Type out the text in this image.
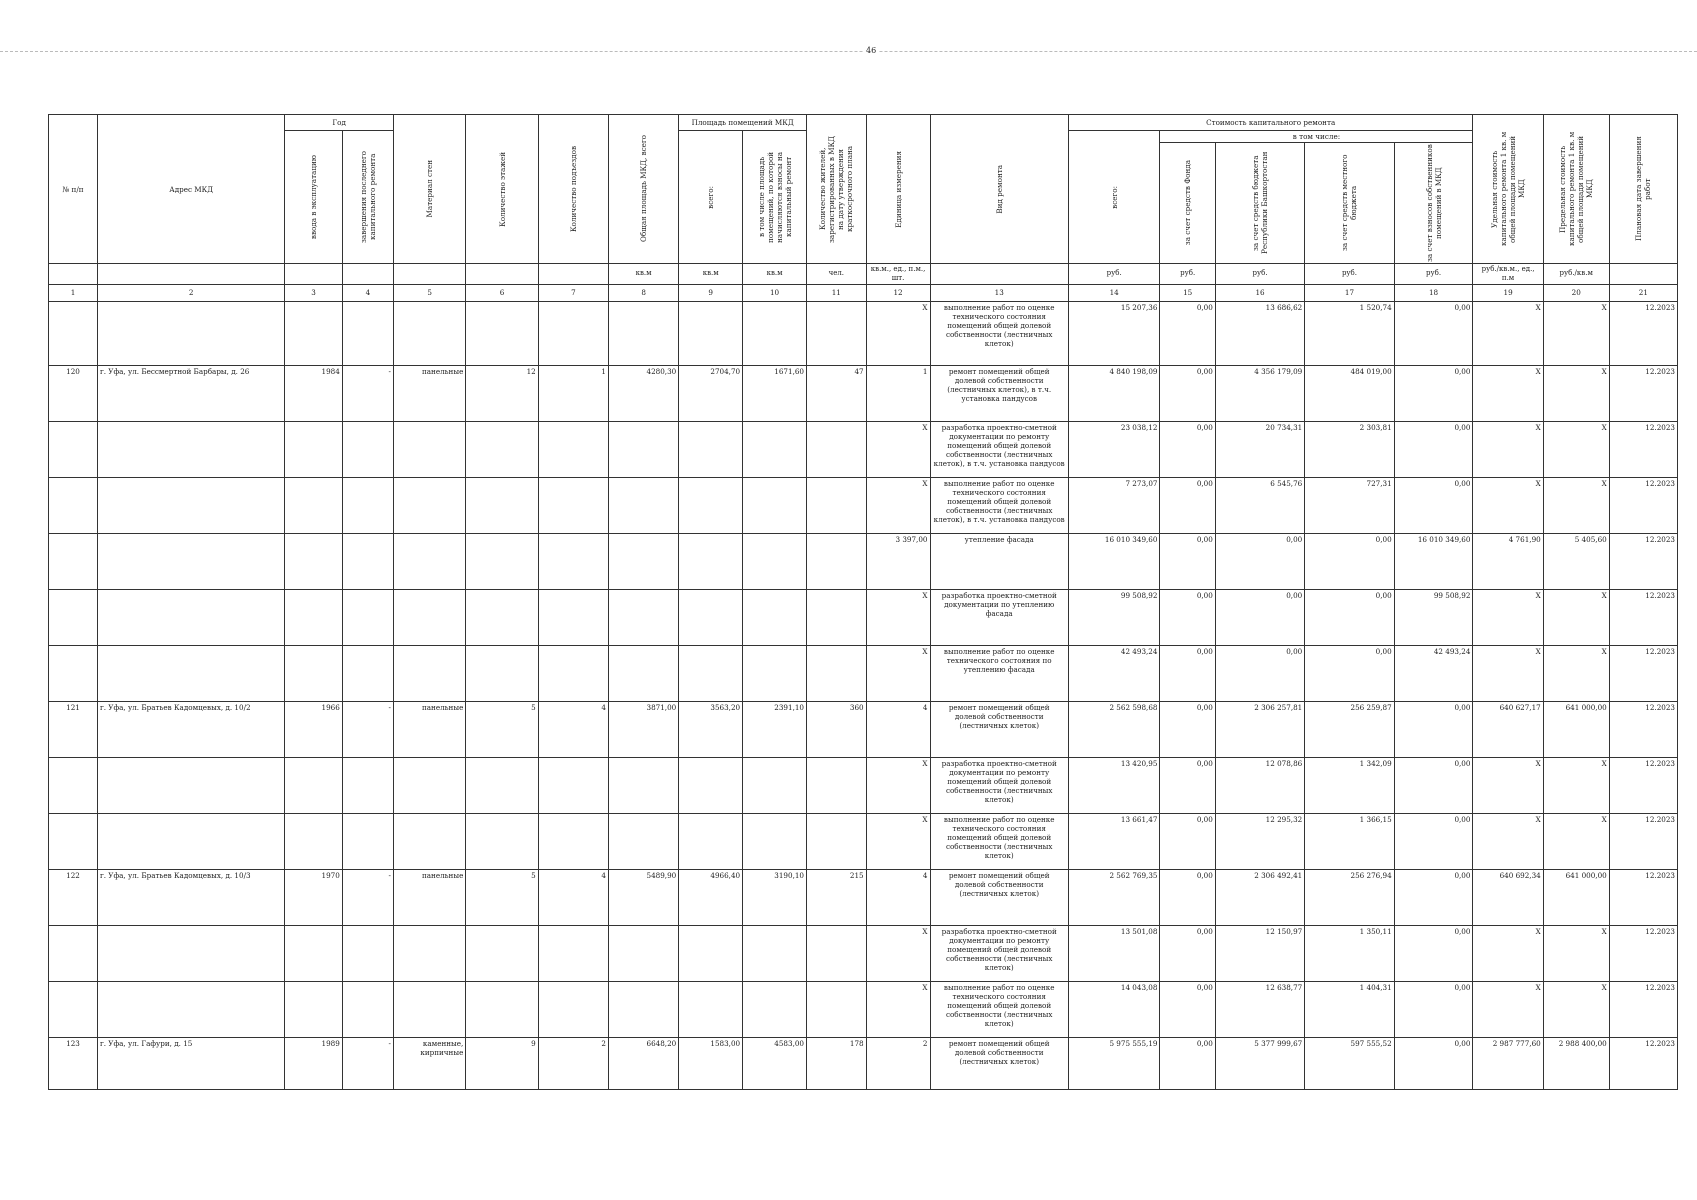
46
№ п/п	Адрес МКД	Год		Материал стен	Количество этажей	Количество подъездов	Общая площадь МКД, всего	Площадь помещений МКД		Количество жителей, зарегистрированных в МКД на дату утверждения краткосрочного плана	Единица измерения	Вид ремонта	Стоимость капитального ремонта					Удельная стоимость капитального ремонта 1 кв. м общей площади помещений МКД	Предельная стоимость капитального ремонта 1 кв. м общей площади помещений МКД	Плановая дата завершения работ

		ввода в эксплуатацию	завершения последнего капитального ремонта					всего:	в том числе площадь помещений, по которой начисляются взносы на капитальный ремонт				всего:	в том числе:						

														за счет средств Фонда	за счет средств бюджета Республики Башкортостан	за счет средств местного бюджета	за счет взносов собственников помещений в МКД			

							кв.м	кв.м	кв.м	чел.	кв.м., ед., п.м., шт.		руб.	руб.	руб.	руб.	руб.	руб./кв.м., ед., п.м	руб./кв.м	
1	2	3	4	5	6	7	8	9	10	11	12	13	14	15	16	17	18	19	20	21
											X	выполнение работ по оценке технического состояния помещений общей долевой собственности (лестничных клеток)	15 207,36	0,00	13 686,62	1 520,74	0,00	X	X	12.2023
120	г. Уфа, ул. Бессмертной Барбары, д. 26	1984	-	панельные	12	1	4280,30	2704,70	1671,60	47	1	ремонт помещений общей долевой собственности (лестничных клеток), в т.ч. установка пандусов	4 840 198,09	0,00	4 356 179,09	484 019,00	0,00	X	X	12.2023
											X	разработка проектно-сметной документации по ремонту помещений общей долевой собственности (лестничных клеток), в т.ч. установка пандусов	23 038,12	0,00	20 734,31	2 303,81	0,00	X	X	12.2023
											X	выполнение работ по оценке технического состояния помещений общей долевой собственности (лестничных клеток), в т.ч. установка пандусов	7 273,07	0,00	6 545,76	727,31	0,00	X	X	12.2023
											3 397,00	утепление фасада	16 010 349,60	0,00	0,00	0,00	16 010 349,60	4 761,90	5 405,60	12.2023
											X	разработка проектно-сметной документации по утеплению фасада	99 508,92	0,00	0,00	0,00	99 508,92	X	X	12.2023
											X	выполнение работ по оценке технического состояния по утеплению фасада	42 493,24	0,00	0,00	0,00	42 493,24	X	X	12.2023
121	г. Уфа, ул. Братьев Кадомцевых, д. 10/2	1966	-	панельные	5	4	3871,00	3563,20	2391,10	360	4	ремонт помещений общей долевой собственности (лестничных клеток)	2 562 598,68	0,00	2 306 257,81	256 259,87	0,00	640 627,17	641 000,00	12.2023
											X	разработка проектно-сметной документации по ремонту помещений общей долевой собственности (лестничных клеток)	13 420,95	0,00	12 078,86	1 342,09	0,00	X	X	12.2023
											X	выполнение работ по оценке технического состояния помещений общей долевой собственности (лестничных клеток)	13 661,47	0,00	12 295,32	1 366,15	0,00	X	X	12.2023
122	г. Уфа, ул. Братьев Кадомцевых, д. 10/3	1970	-	панельные	5	4	5489,90	4966,40	3190,10	215	4	ремонт помещений общей долевой собственности (лестничных клеток)	2 562 769,35	0,00	2 306 492,41	256 276,94	0,00	640 692,34	641 000,00	12.2023
											X	разработка проектно-сметной документации по ремонту помещений общей долевой собственности (лестничных клеток)	13 501,08	0,00	12 150,97	1 350,11	0,00	X	X	12.2023
											X	выполнение работ по оценке технического состояния помещений общей долевой собственности (лестничных клеток)	14 043,08	0,00	12 638,77	1 404,31	0,00	X	X	12.2023
123	г. Уфа, ул. Гафури, д. 15	1989	-	каменные, кирпичные	9	2	6648,20	1583,00	4583,00	178	2	ремонт помещений общей долевой собственности (лестничных клеток)	5 975 555,19	0,00	5 377 999,67	597 555,52	0,00	2 987 777,60	2 988 400,00	12.2023
